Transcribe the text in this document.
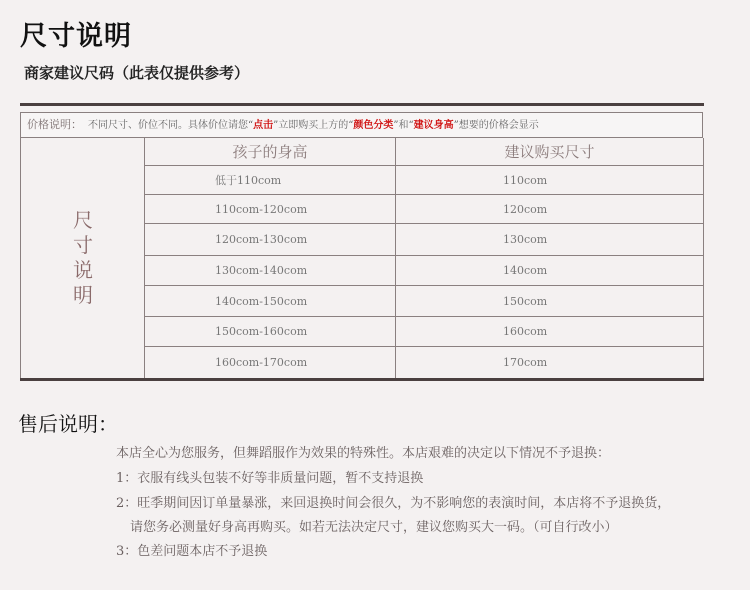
尺寸说明
商家建议尺码（此表仅提供参考）
价格说明： 不同尺寸、价位不同。具体价位请您“点击”立即购买上方的“颜色分类”和“建议身高”想要的价格会显示
尺
寸
说
明
孩子的身高	建议购买尺寸
低于110com	110com
110com-120com	120com
120com-130com	130com
130com-140com	140com
140com-150com	150com
150com-160com	160com
160com-170com	170com
售后说明：
本店全心为您服务，但舞蹈服作为效果的特殊性。本店艰难的决定以下情况不予退换：
1：衣服有线头包装不好等非质量问题，暂不支持退换
2：旺季期间因订单量暴涨，来回退换时间会很久，为不影响您的表演时间，本店将不予退换货，
请您务必测量好身高再购买。如若无法决定尺寸，建议您购买大一码。（可自行改小）
3：色差问题本店不予退换
